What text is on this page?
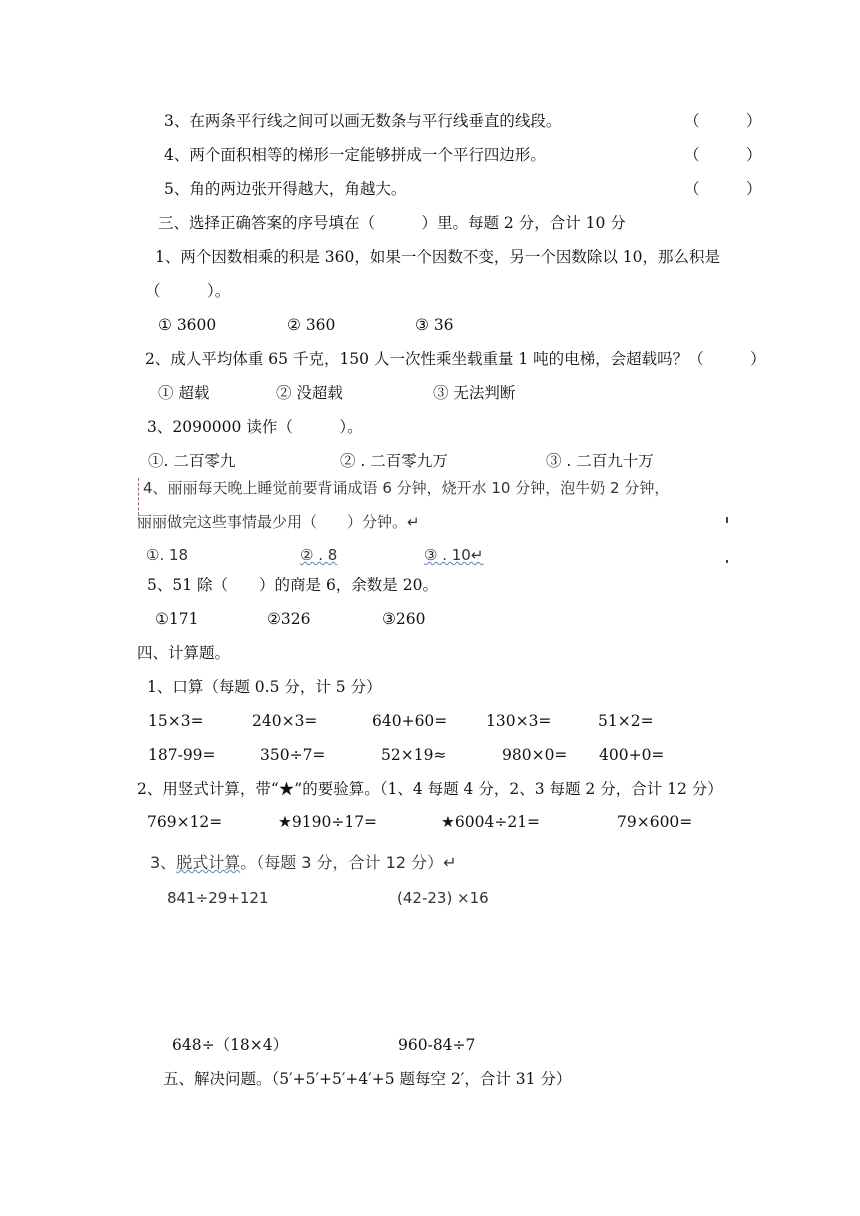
3、在两条平行线之间可以画无数条与平行线垂直的线段。	（　　　）
4、两个面积相等的梯形一定能够拼成一个平行四边形。	（　　　）
5、角的两边张开得越大，角越大。	（　　　）
三、选择正确答案的序号填在（　　　）里。每题 2 分，合计 10 分
1、两个因数相乘的积是 360，如果一个因数不变，另一个因数除以 10，那么积是
（　　　）。
① 3600	② 360	③ 36
2、成人平均体重 65 千克，150 人一次性乘坐载重量 1 吨的电梯，会超载吗？（　　　）
① 超载	② 没超载	③ 无法判断
3、2090000 读作（　　　）。
①. 二百零九	② . 二百零九万	③ . 二百九十万
4、丽丽每天晚上睡觉前要背诵成语 6 分钟，烧开水 10 分钟，泡牛奶 2 分钟，
丽丽做完这些事情最少用（　　）分钟。↵
①. 18	② . 8	③ . 10↵
5、51 除（　　）的商是 6，余数是 20。
①171	②326	③260
四、计算题。
1、口算（每题 0.5 分，计 5 分）
15×3=	240×3=	640+60= 130×3=	51×2=
187-99=	350÷7=	52×19≈	980×0= 400+0=
2、用竖式计算，带“★”的要验算。（1、4 每题 4 分，2、3 每题 2 分，合计 12 分）
769×12=	★9190÷17=	★6004÷21=	79×600=
3、脱式计算。（每题 3 分，合计 12 分）↵
841÷29+121	(42-23) ×16
648÷（18×4）	960-84÷7
五、解决问题。（5′+5′+5′+4′+5 题每空 2′，合计 31 分）
